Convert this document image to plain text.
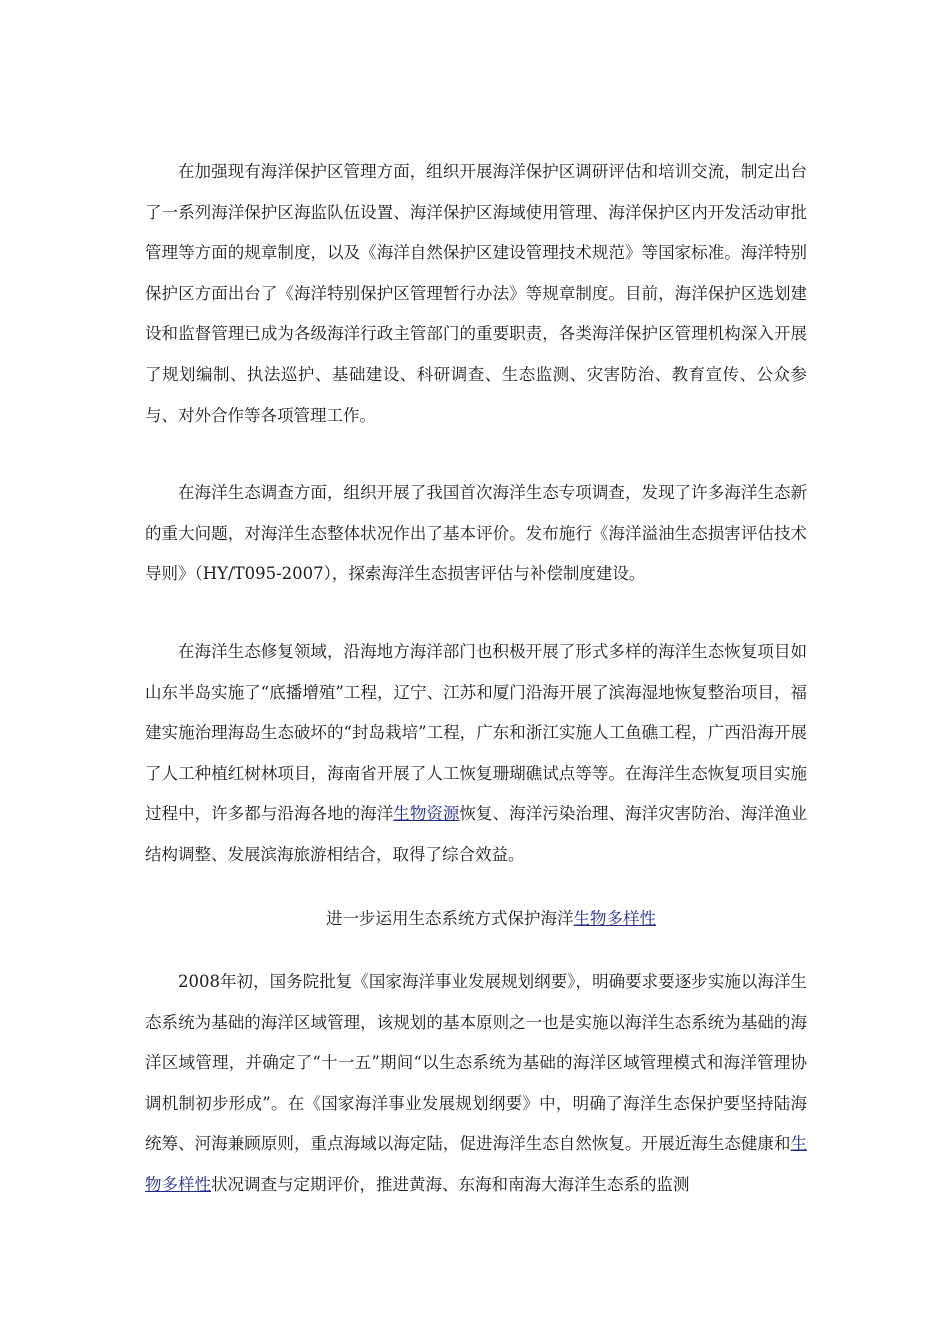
在加强现有海洋保护区管理方面，组织开展海洋保护区调研评估和培训交流，制定出台了一系列海洋保护区海监队伍设置、海洋保护区海域使用管理、海洋保护区内开发活动审批管理等方面的规章制度，以及《海洋自然保护区建设管理技术规范》等国家标准。海洋特别保护区方面出台了《海洋特别保护区管理暂行办法》等规章制度。目前，海洋保护区选划建设和监督管理已成为各级海洋行政主管部门的重要职责，各类海洋保护区管理机构深入开展了规划编制、执法巡护、基础建设、科研调查、生态监测、灾害防治、教育宣传、公众参与、对外合作等各项管理工作。

在海洋生态调查方面，组织开展了我国首次海洋生态专项调查，发现了许多海洋生态新的重大问题，对海洋生态整体状况作出了基本评价。发布施行《海洋溢油生态损害评估技术导则》（HY/T095-2007），探索海洋生态损害评估与补偿制度建设。

在海洋生态修复领域，沿海地方海洋部门也积极开展了形式多样的海洋生态恢复项目如山东半岛实施了“底播增殖”工程，辽宁、江苏和厦门沿海开展了滨海湿地恢复整治项目，福建实施治理海岛生态破坏的“封岛栽培”工程，广东和浙江实施人工鱼礁工程，广西沿海开展了人工种植红树林项目，海南省开展了人工恢复珊瑚礁试点等等。在海洋生态恢复项目实施过程中，许多都与沿海各地的海洋生物资源恢复、海洋污染治理、海洋灾害防治、海洋渔业结构调整、发展滨海旅游相结合，取得了综合效益。

进一步运用生态系统方式保护海洋生物多样性

2008年初，国务院批复《国家海洋事业发展规划纲要》，明确要求要逐步实施以海洋生态系统为基础的海洋区域管理，该规划的基本原则之一也是实施以海洋生态系统为基础的海洋区域管理，并确定了“十一五”期间“以生态系统为基础的海洋区域管理模式和海洋管理协调机制初步形成”。在《国家海洋事业发展规划纲要》中，明确了海洋生态保护要坚持陆海统筹、河海兼顾原则，重点海域以海定陆，促进海洋生态自然恢复。开展近海生态健康和生物多样性状况调查与定期评价，推进黄海、东海和南海大海洋生态系的监测
